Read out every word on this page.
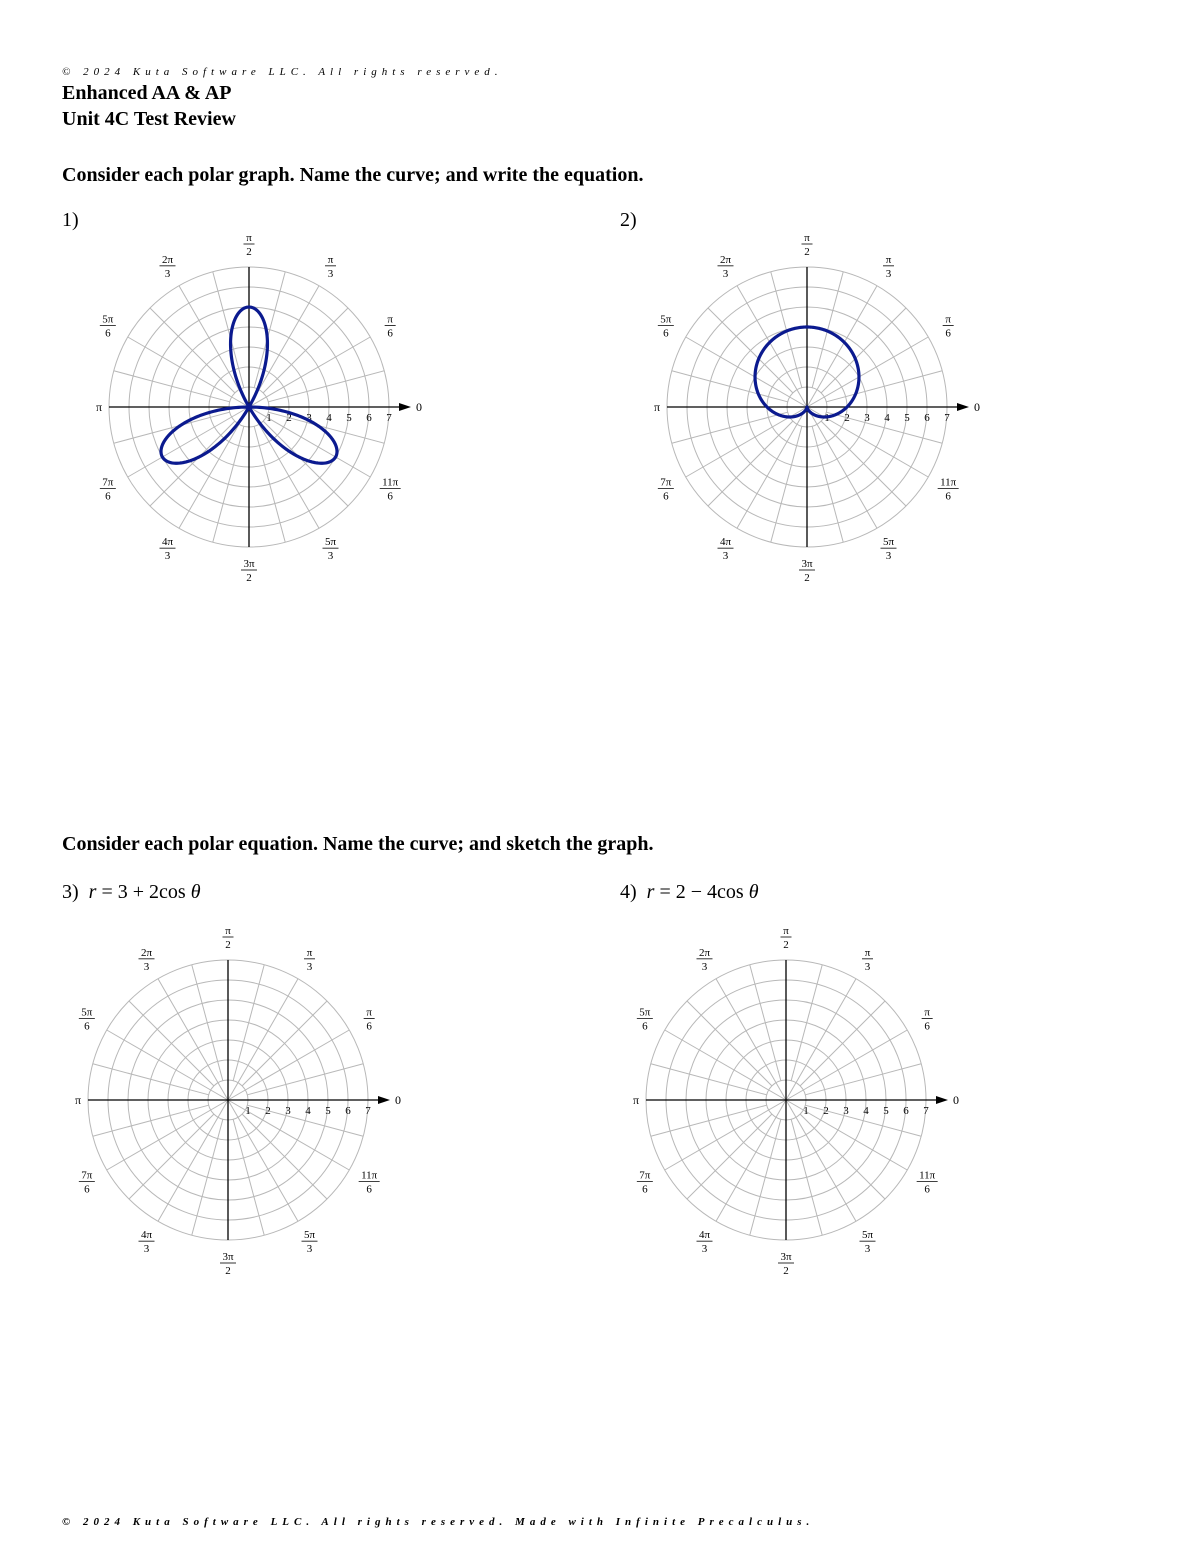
© 2024 Kuta Software LLC. All rights reserved.
Enhanced AA & AP
Unit 4C Test Review
Consider each polar graph. Name the curve; and write the equation.
1)	2)
1 2 3 4 5 6 7
0
π
6
π
3
π
2
2π
3
5π
6
π
7π
6
4π
3
3π
2
5π
3
11π
6
1 2 3 4 5 6 7
0
π
6
π
3
π
2
2π
3
5π
6
π
7π
6
4π
3
3π
2
5π
3
11π
6
Consider each polar equation. Name the curve; and sketch the graph.
3) r = 3 + 2cos θ	4) r = 2 − 4cos θ
1 2 3 4 5 6 7
0
π
6
π
3
π
2
2π
3
5π
6
π
7π
6
4π
3
3π
2
5π
3
11π
6
1 2 3 4 5 6 7
0
π
6
π
3
π
2
2π
3
5π
6
π
7π
6
4π
3
3π
2
5π
3
11π
6
© 2024 Kuta Software LLC. All rights reserved. Made with Infinite Precalculus.
